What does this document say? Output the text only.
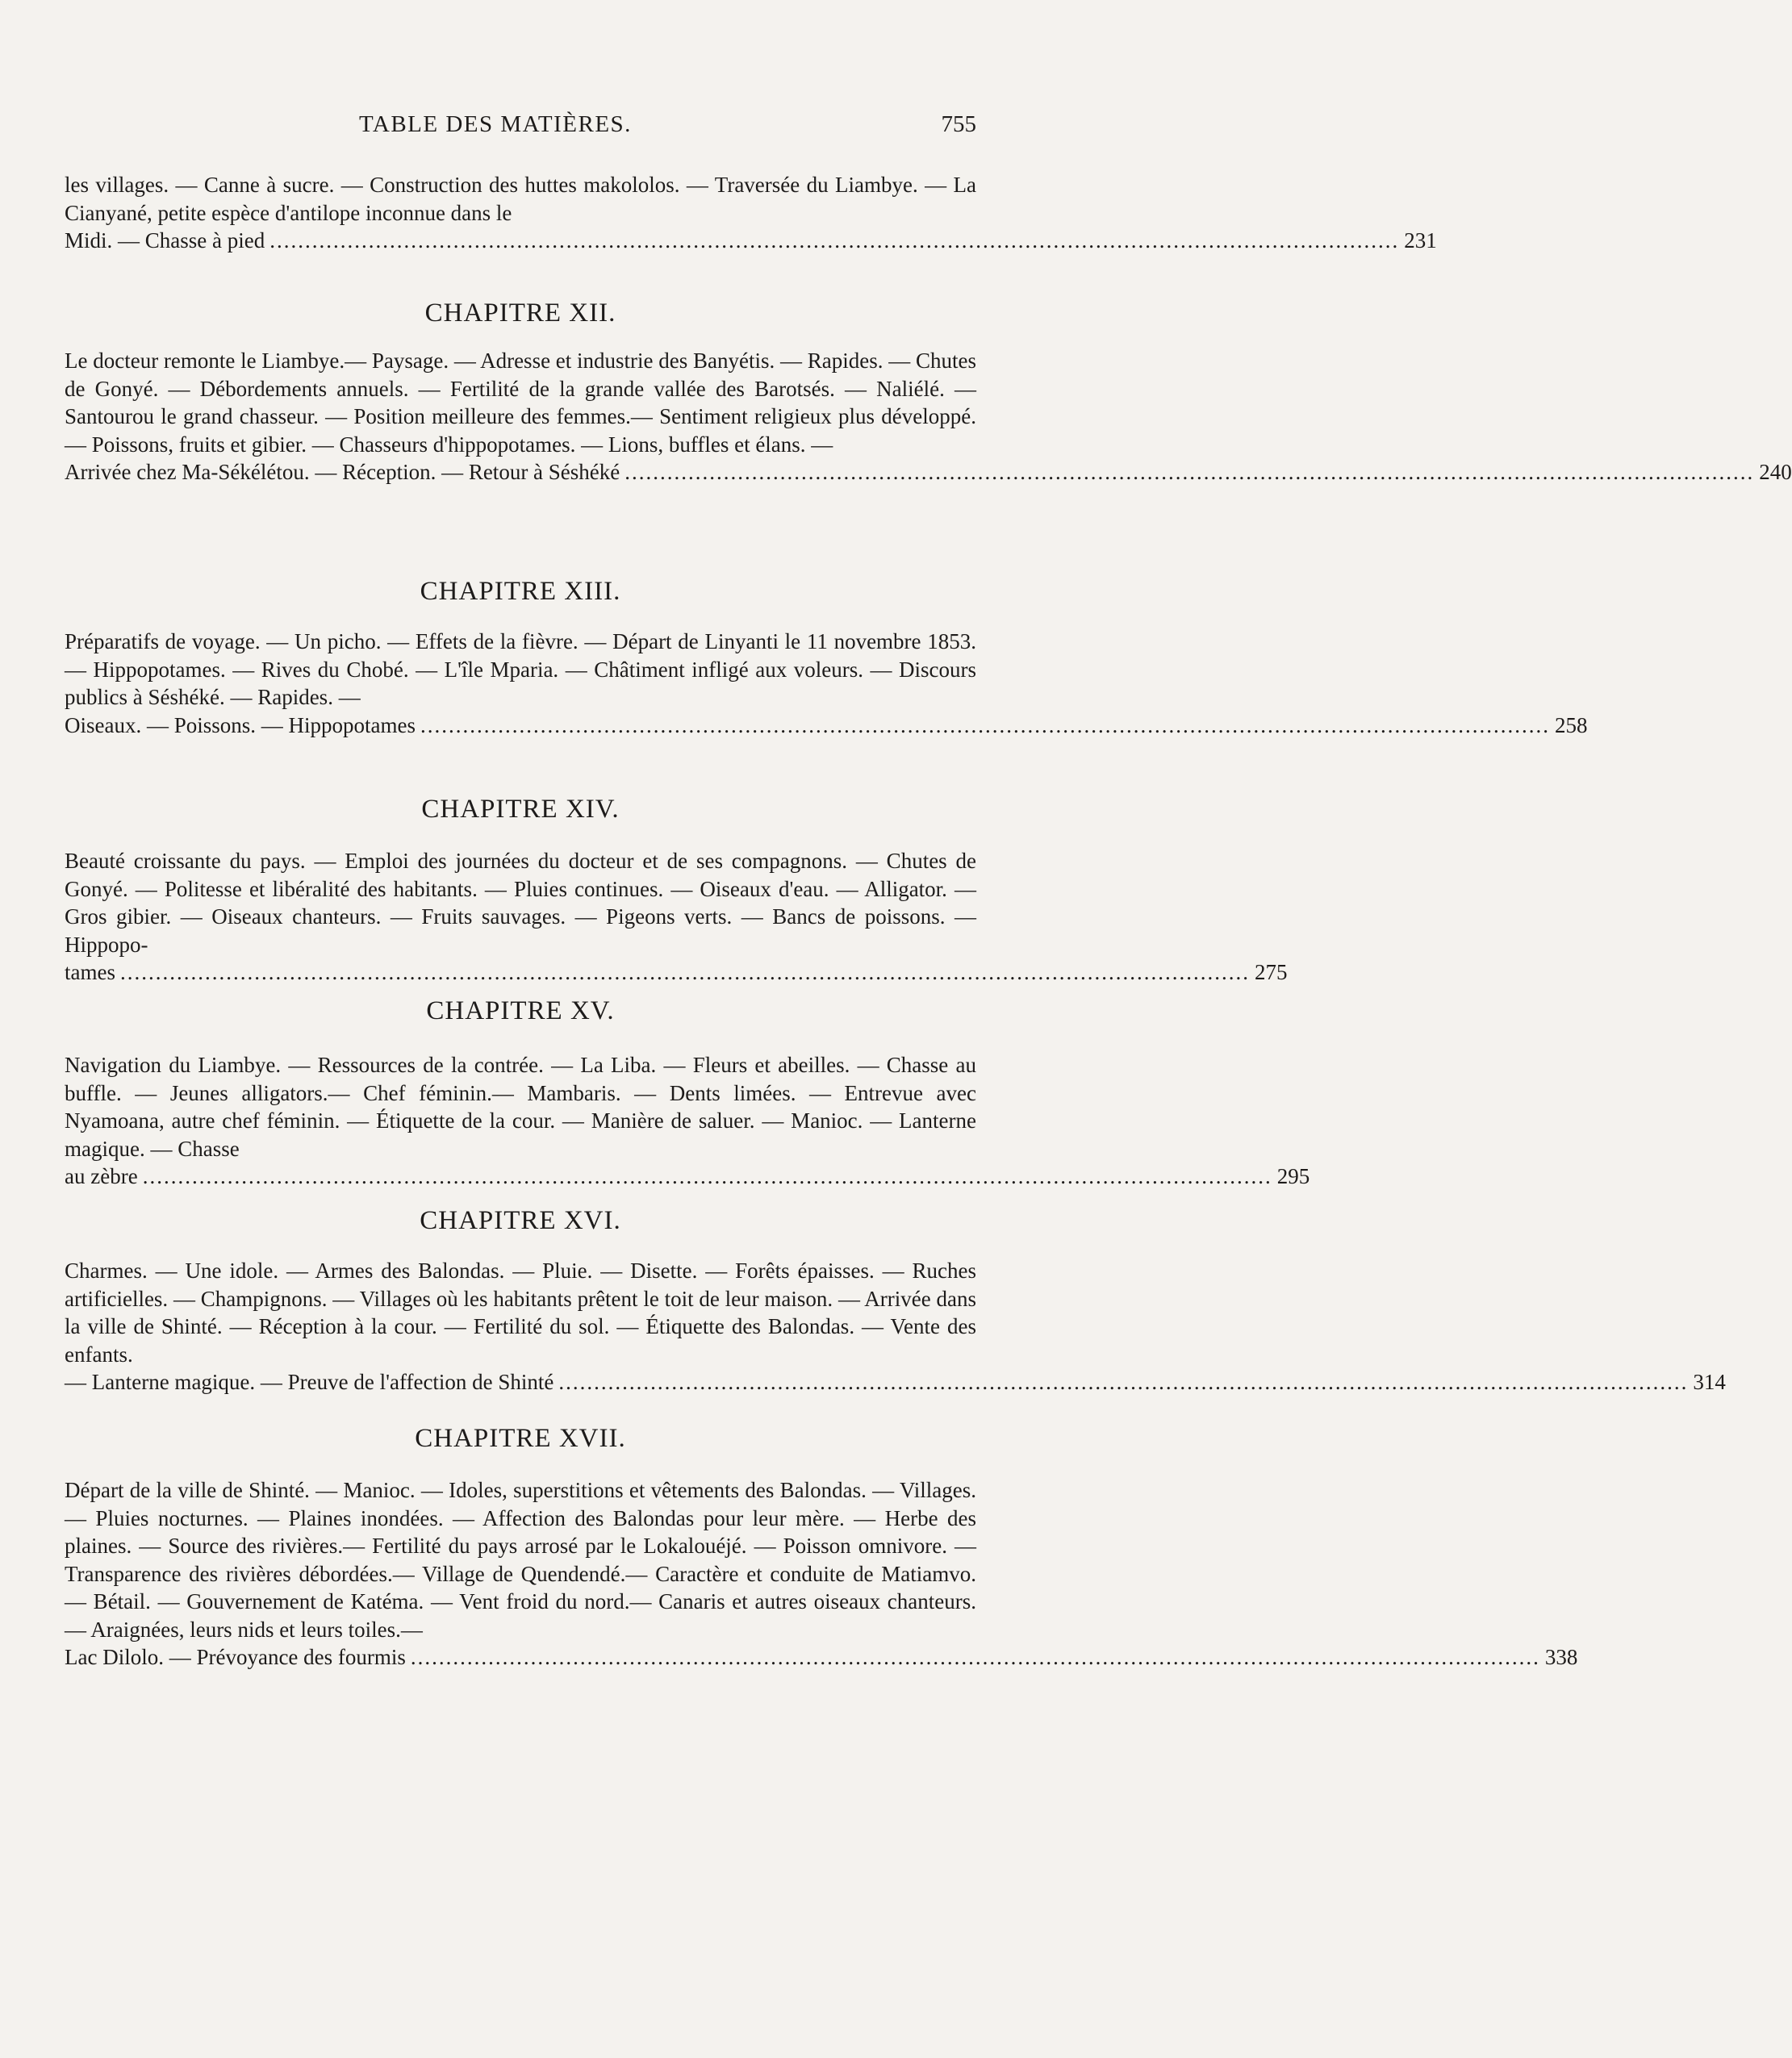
TABLE DES MATIÈRES.	755
les villages. — Canne à sucre. — Construction des huttes makololos. — Traversée du Liambye. — La Cianyané, petite espèce d'antilope inconnue dans le
Midi. — Chasse à pied ................................................................................................................................................................ 231
CHAPITRE XII.
Le docteur remonte le Liambye.— Paysage. — Adresse et industrie des Banyétis. — Rapides. — Chutes de Gonyé. — Débordements annuels. — Fertilité de la grande vallée des Barotsés. — Naliélé. — Santourou le grand chasseur. — Position meilleure des femmes.— Sentiment religieux plus développé.— Poissons, fruits et gibier. — Chasseurs d'hippopotames. — Lions, buffles et élans. —
Arrivée chez Ma-Sékélétou. — Réception. — Retour à Séshéké ................................................................................................................................................................ 240
CHAPITRE XIII.
Préparatifs de voyage. — Un picho. — Effets de la fièvre. — Départ de Linyanti le 11 novembre 1853. — Hippopotames. — Rives du Chobé. — L'île Mparia. — Châtiment infligé aux voleurs. — Discours publics à Séshéké. — Rapides. —
Oiseaux. — Poissons. — Hippopotames ................................................................................................................................................................ 258
CHAPITRE XIV.
Beauté croissante du pays. — Emploi des journées du docteur et de ses compagnons. — Chutes de Gonyé. — Politesse et libéralité des habitants. — Pluies continues. — Oiseaux d'eau. — Alligator. — Gros gibier. — Oiseaux chanteurs. — Fruits sauvages. — Pigeons verts. — Bancs de poissons. — Hippopo-
tames ................................................................................................................................................................ 275
CHAPITRE XV.
Navigation du Liambye. — Ressources de la contrée. — La Liba. — Fleurs et abeilles. — Chasse au buffle. — Jeunes alligators.— Chef féminin.— Mambaris. — Dents limées. — Entrevue avec Nyamoana, autre chef féminin. — Étiquette de la cour. — Manière de saluer. — Manioc. — Lanterne magique. — Chasse
au zèbre ................................................................................................................................................................ 295
CHAPITRE XVI.
Charmes. — Une idole. — Armes des Balondas. — Pluie. — Disette. — Forêts épaisses. — Ruches artificielles. — Champignons. — Villages où les habitants prêtent le toit de leur maison. — Arrivée dans la ville de Shinté. — Réception à la cour. — Fertilité du sol. — Étiquette des Balondas. — Vente des enfants.
— Lanterne magique. — Preuve de l'affection de Shinté ................................................................................................................................................................ 314
CHAPITRE XVII.
Départ de la ville de Shinté. — Manioc. — Idoles, superstitions et vêtements des Balondas. — Villages. — Pluies nocturnes. — Plaines inondées. — Affection des Balondas pour leur mère. — Herbe des plaines. — Source des rivières.— Fertilité du pays arrosé par le Lokalouéjé. — Poisson omnivore. — Transparence des rivières débordées.— Village de Quendendé.— Caractère et conduite de Matiamvo. — Bétail. — Gouvernement de Katéma. — Vent froid du nord.— Canaris et autres oiseaux chanteurs. — Araignées, leurs nids et leurs toiles.—
Lac Dilolo. — Prévoyance des fourmis ................................................................................................................................................................ 338
